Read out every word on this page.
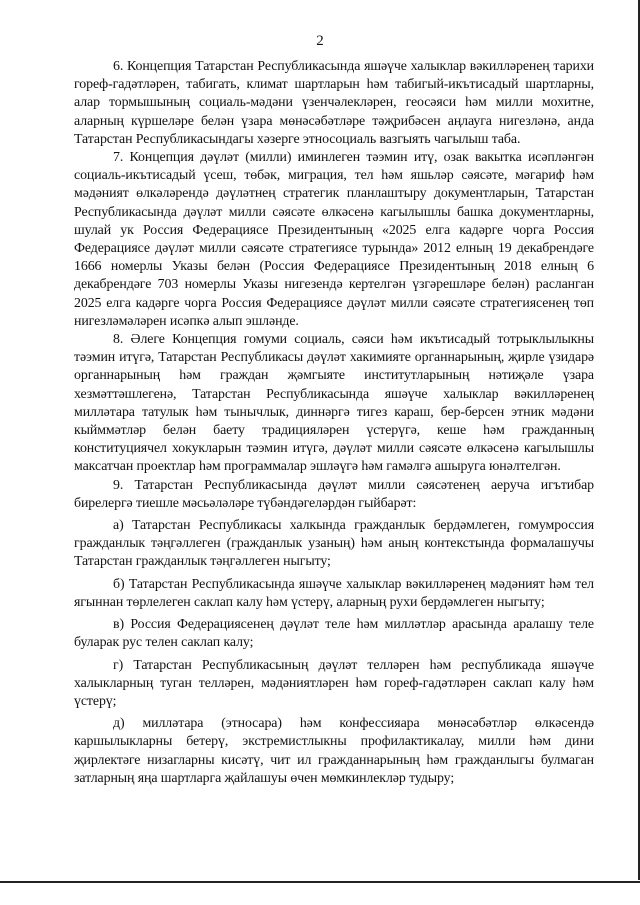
2

6. Концепция Татарстан Республикасында яшәүче халыклар вәкилләренең тарихи гореф-гадәтләрен, табигать, климат шартларын һәм табигый-икътисадый шартларны, алар тормышының социаль-мәдәни үзенчәлекләрен, геосәяси һәм милли мохитне, аларның күршеләре белән үзара мөнәсәбәтләре тәҗрибәсен аңлауга нигезләнә, анда Татарстан Республикасындагы хәзерге этносоциаль вазгыять чагылыш таба.

7. Концепция дәүләт (милли) иминлеген тәэмин итү, озак вакытка исәпләнгән социаль-икътисадый үсеш, төбәк, миграция, тел һәм яшьләр сәясәте, мәгариф һәм мәдәният өлкәләрендә дәүләтнең стратегик планлаштыру документларын, Татарстан Республикасында дәүләт милли сәясәте өлкәсенә кагылышлы башка документларны, шулай ук Россия Федерациясе Президентының «2025 елга кадәрге чорга Россия Федерациясе дәүләт милли сәясәте стратегиясе турында» 2012 елның 19 декабрендәге 1666 номерлы Указы белән (Россия Федерациясе Президентының 2018 елның 6 декабрендәге 703 номерлы Указы нигезендә кертелгән үзгәрешләре белән) расланган 2025 елга кадәрге чорга Россия Федерациясе дәүләт милли сәясәте стратегиясенең төп нигезләмәләрен исәпкә алып эшләнде.

8. Әлеге Концепция гомуми социаль, сәяси һәм икътисадый тотрыклылыкны тәэмин итүгә, Татарстан Республикасы дәүләт хакимияте органнарының, җирле үзидарә органнарының һәм граждан җәмгыяте институтларының нәтиҗәле үзара хезмәттәшлегенә, Татарстан Республикасында яшәүче халыклар вәкилләренең милләтара татулык һәм тынычлык, диннәргә тигез караш, бер-берсен этник мәдәни кыйммәтләр белән баету традицияләрен үстерүгә, кеше һәм гражданның конституциячел хокукларын тәэмин итүгә, дәүләт милли сәясәте өлкәсенә кагылышлы максатчан проектлар һәм программалар эшләүгә һәм гамәлгә ашыруга юнәлтелгән.

9. Татарстан Республикасында дәүләт милли сәясәтенең аеруча игътибар бирелергә тиешле мәсьәләләре түбәндәгеләрдән гыйбарәт:

а) Татарстан Республикасы халкында гражданлык бердәмлеген, гомумроссия гражданлык тәңгәллеген (гражданлык узаның) һәм аның контекстында формалашучы Татарстан гражданлык тәңгәллеген ныгыту;

б) Татарстан Республикасында яшәүче халыклар вәкилләренең мәдәният һәм тел ягыннан төрлелеген саклап калу һәм үстерү, аларның рухи бердәмлеген ныгыту;

в) Россия Федерациясенең дәүләт теле һәм милләтләр арасында аралашу теле буларак рус телен саклап калу;

г) Татарстан Республикасының дәүләт телләрен һәм республикада яшәүче халыкларның туган телләрен, мәдәниятләрен һәм гореф-гадәтләрен саклап калу һәм үстерү;

д) милләтара (этносара) һәм конфессияара мөнәсәбәтләр өлкәсендә каршылыкларны бетерү, экстремистлыкны профилактикалау, милли һәм дини җирлектәге низагларны кисәтү, чит ил гражданнарының һәм гражданлыгы булмаган затларның яңа шартларга җайлашуы өчен мөмкинлекләр тудыру;
